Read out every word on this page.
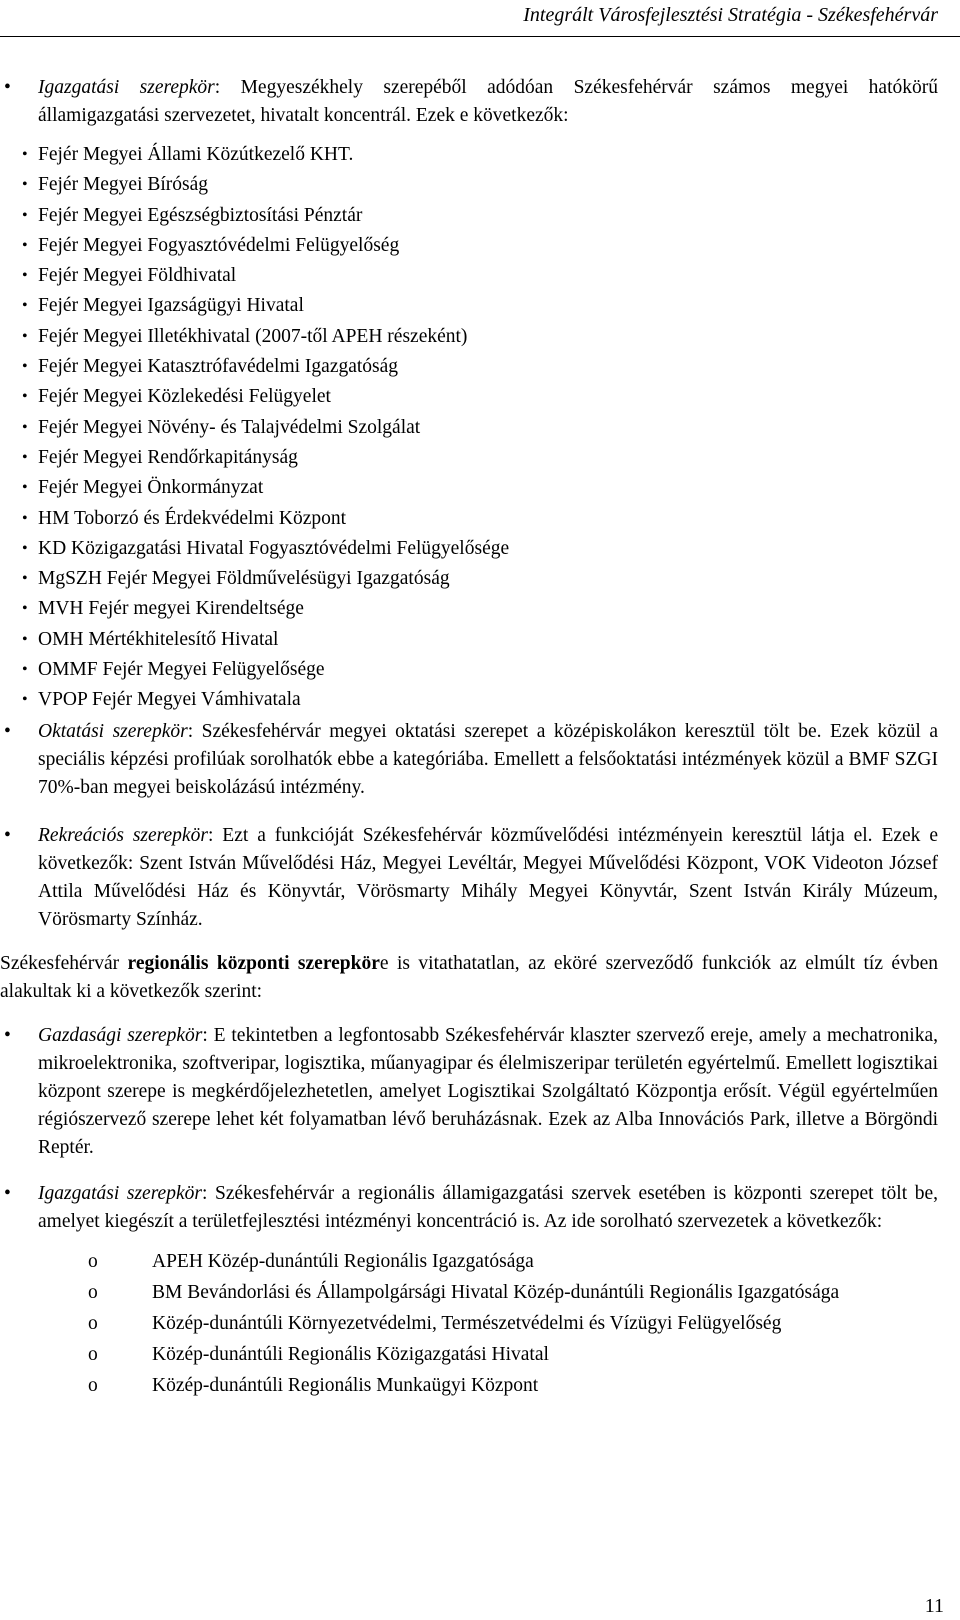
Integrált Városfejlesztési Stratégia - Székesfehérvár
• Igazgatási szerepkör: Megyeszékhely szerepéből adódóan Székesfehérvár számos megyei hatókörű államigazgatási szervezetet, hivatalt koncentrál. Ezek e következők:
• Fejér Megyei Állami Közútkezelő KHT.
• Fejér Megyei Bíróság
• Fejér Megyei Egészségbiztosítási Pénztár
• Fejér Megyei Fogyasztóvédelmi Felügyelőség
• Fejér Megyei Földhivatal
• Fejér Megyei Igazságügyi Hivatal
• Fejér Megyei Illetékhivatal (2007-től APEH részeként)
• Fejér Megyei Katasztrófavédelmi Igazgatóság
• Fejér Megyei Közlekedési Felügyelet
• Fejér Megyei Növény- és Talajvédelmi Szolgálat
• Fejér Megyei Rendőrkapitányság
• Fejér Megyei Önkormányzat
• HM Toborzó és Érdekvédelmi Központ
• KD Közigazgatási Hivatal Fogyasztóvédelmi Felügyelősége
• MgSZH Fejér Megyei Földművelésügyi Igazgatóság
• MVH Fejér megyei Kirendeltsége
• OMH Mértékhitelesítő Hivatal
• OMMF Fejér Megyei Felügyelősége
• VPOP Fejér Megyei Vámhivatala
• Oktatási szerepkör: Székesfehérvár megyei oktatási szerepet a középiskolákon keresztül tölt be. Ezek közül a speciális képzési profilúak sorolhatók ebbe a kategóriába. Emellett a felsőoktatási intézmények közül a BMF SZGI 70%-ban megyei beiskolázású intézmény.
• Rekreációs szerepkör: Ezt a funkcióját Székesfehérvár közművelődési intézményein keresztül látja el. Ezek e következők: Szent István Művelődési Ház, Megyei Levéltár, Megyei Művelődési Központ, VOK Videoton József Attila Művelődési Ház és Könyvtár, Vörösmarty Mihály Megyei Könyvtár, Szent István Király Múzeum, Vörösmarty Színház.
Székesfehérvár regionális központi szerepköre is vitathatatlan, az eköré szerveződő funkciók az elmúlt tíz évben alakultak ki a következők szerint:
• Gazdasági szerepkör: E tekintetben a legfontosabb Székesfehérvár klaszter szervező ereje, amely a mechatronika, mikroelektronika, szoftveripar, logisztika, műanyagipar és élelmiszeripar területén egyértelmű. Emellett logisztikai központ szerepe is megkérdőjelezhetetlen, amelyet Logisztikai Szolgáltató Központja erősít. Végül egyértelműen régiószervező szerepe lehet két folyamatban lévő beruházásnak. Ezek az Alba Innovációs Park, illetve a Börgöndi Reptér.
• Igazgatási szerepkör: Székesfehérvár a regionális államigazgatási szervek esetében is központi szerepet tölt be, amelyet kiegészít a területfejlesztési intézményi koncentráció is. Az ide sorolható szervezetek a következők:
o	APEH Közép-dunántúli Regionális Igazgatósága
o	BM Bevándorlási és Állampolgársági Hivatal Közép-dunántúli Regionális Igazgatósága
o	Közép-dunántúli Környezetvédelmi, Természetvédelmi és Vízügyi Felügyelőség
o	Közép-dunántúli Regionális Közigazgatási Hivatal
o	Közép-dunántúli Regionális Munkaügyi Központ
11
